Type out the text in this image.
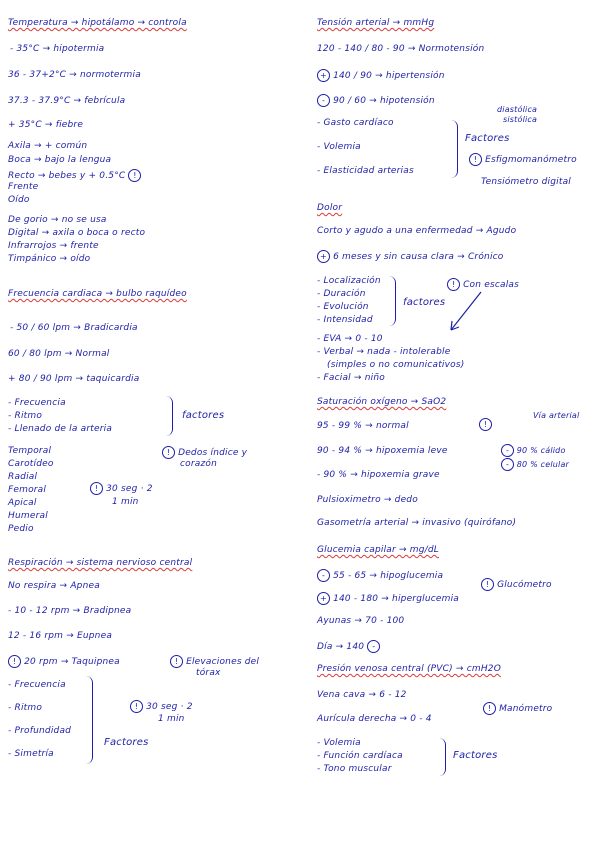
Temperatura → hipotálamo → controla
- 35°C → hipotermia
36 - 37+2°C → normotermia
37.3 - 37.9°C → febrícula
+ 35°C → fiebre
Axila → + común
Boca → bajo la lengua
Recto → bebes y + 0.5°C !
Frente
Oído
De gorio → no se usa
Digital → axila o boca o recto
Infrarrojos → frente
Timpánico → oído
Frecuencia cardiaca → bulbo raquídeo
- 50 / 60 lpm → Bradicardia
60 / 80 lpm → Normal
+ 80 / 90 lpm → taquicardia
- Frecuencia
- Ritmo
- Llenado de la arteria
factores
Temporal
Carotídeo
Radial
Femoral
Apical
Humeral
Pedio
! Dedos índice y
corazón
! 30 seg · 2
1 min
Respiración → sistema nervioso central
No respira → Apnea
- 10 - 12 rpm → Bradipnea
12 - 16 rpm → Eupnea
! 20 rpm → Taquipnea	! Elevaciones del
tórax
- Frecuencia
- Ritmo
- Profundidad
- Simetría
Factores
! 30 seg · 2
1 min
Tensión arterial → mmHg
120 - 140 / 80 - 90 → Normotensión
+ 140 / 90 → hipertensión
- 90 / 60 → hipotensión
diastólica
sistólica
- Gasto cardíaco
- Volemia
- Elasticidad arterias
Factores
! Esfigmomanómetro
Tensiómetro digital
Dolor
Corto y agudo a una enfermedad → Agudo
+ 6 meses y sin causa clara → Crónico
- Localización
- Duración
- Evolución
- Intensidad
factores
! Con escalas
- EVA → 0 - 10
- Verbal → nada - intolerable
(simples o no comunicativos)
- Facial → niño
Saturación oxígeno → SaO2
95 - 99 % → normal
90 - 94 % → hipoxemia leve
- 90 % → hipoxemia grave
!
Vía arterial
- 90 % cálido
- 80 % celular
Pulsioximetro → dedo
Gasometría arterial → invasivo (quirófano)
Glucemia capilar → mg/dL
- 55 - 65 → hipoglucemia
+ 140 - 180 → hiperglucemia
! Glucómetro
Ayunas → 70 - 100
Día → 140 -
Presión venosa central (PVC) → cmH2O
Vena cava → 6 - 12
Aurícula derecha → 0 - 4
! Manómetro
- Volemia
- Función cardíaca
- Tono muscular
Factores
